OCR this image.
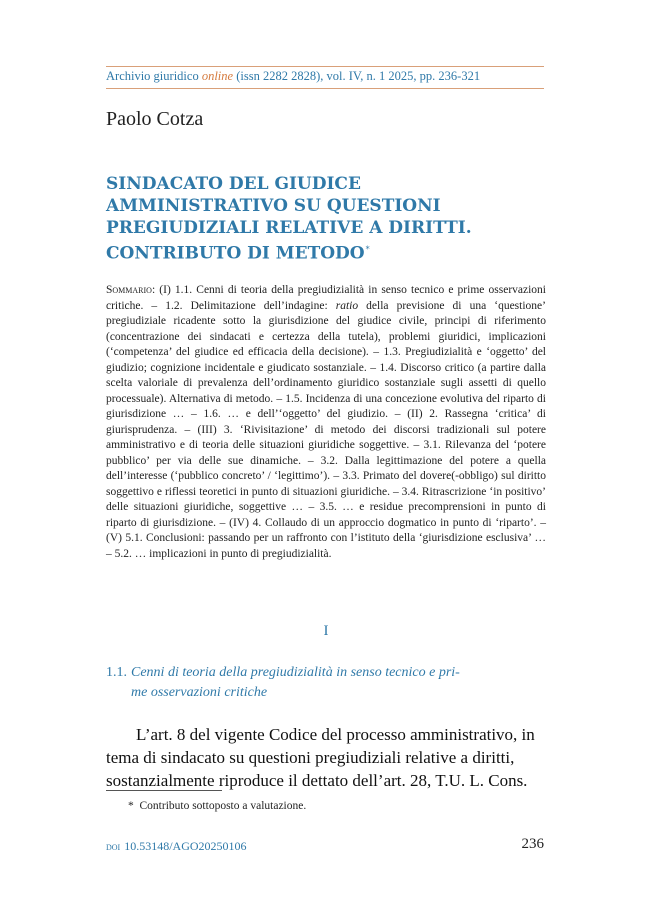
Archivio giuridico online (issn 2282 2828), vol. IV, n. 1 2025, pp. 236-321
Paolo Cotza
SINDACATO DEL GIUDICE
AMMINISTRATIVO SU QUESTIONI
PREGIUDIZIALI RELATIVE A DIRITTI.
CONTRIBUTO DI METODO*

Sommario: (I) 1.1. Cenni di teoria della pregiudizialità in senso tecnico e prime osservazioni critiche. – 1.2. Delimitazione dell’indagine: ratio della previsione di una ‘questione’ pregiudiziale ricadente sotto la giurisdizione del giudice civile, principi di riferimento (concentrazione dei sindacati e certezza della tutela), problemi giuridici, implicazioni (‘competenza’ del giudice ed efficacia della decisione). – 1.3. Pregiudizialità e ‘oggetto’ del giudizio; cognizione incidentale e giudicato sostanziale. – 1.4. Discorso critico (a partire dalla scelta valoriale di prevalenza dell’ordinamento giuridico sostanziale sugli assetti di quello processuale). Alternativa di metodo. – 1.5. Incidenza di una concezione evolutiva del riparto di giurisdizione … – 1.6. … e dell’‘oggetto’ del giudizio. – (II) 2. Rassegna ‘critica’ di giurisprudenza. – (III) 3. ‘Rivisitazione’ di metodo dei discorsi tradizionali sul potere amministrativo e di teoria delle situazioni giuridiche soggettive. – 3.1. Rilevanza del ‘potere pubblico’ per via delle sue dinamiche. – 3.2. Dalla legittimazione del potere a quella dell’interesse (‘pubblico concreto’ / ‘legittimo’). – 3.3. Primato del dovere(-obbligo) sul diritto soggettivo e riflessi teoretici in punto di situazioni giuridiche. – 3.4. Ritrascrizione ‘in positivo’ delle situazioni giuridiche, soggettive … – 3.5. … e residue precomprensioni in punto di riparto di giurisdizione. – (IV) 4. Collaudo di un approccio dogmatico in punto di ‘riparto’. – (V) 5.1. Conclusioni: passando per un raffronto con l’istituto della ‘giurisdizione esclusiva’ … – 5.2. … implicazioni in punto di pregiudizialità.

I
1.1. Cenni di teoria della pregiudizialità in senso tecnico e pri-
me osservazioni critiche
L’art. 8 del vigente Codice del processo amministrativo, in
tema di sindacato su questioni pregiudiziali relative a diritti,
sostanzialmente riproduce il dettato dell’art. 28, T.U. L. Cons.
* Contributo sottoposto a valutazione.
doi 10.53148/AGO20250106	236
